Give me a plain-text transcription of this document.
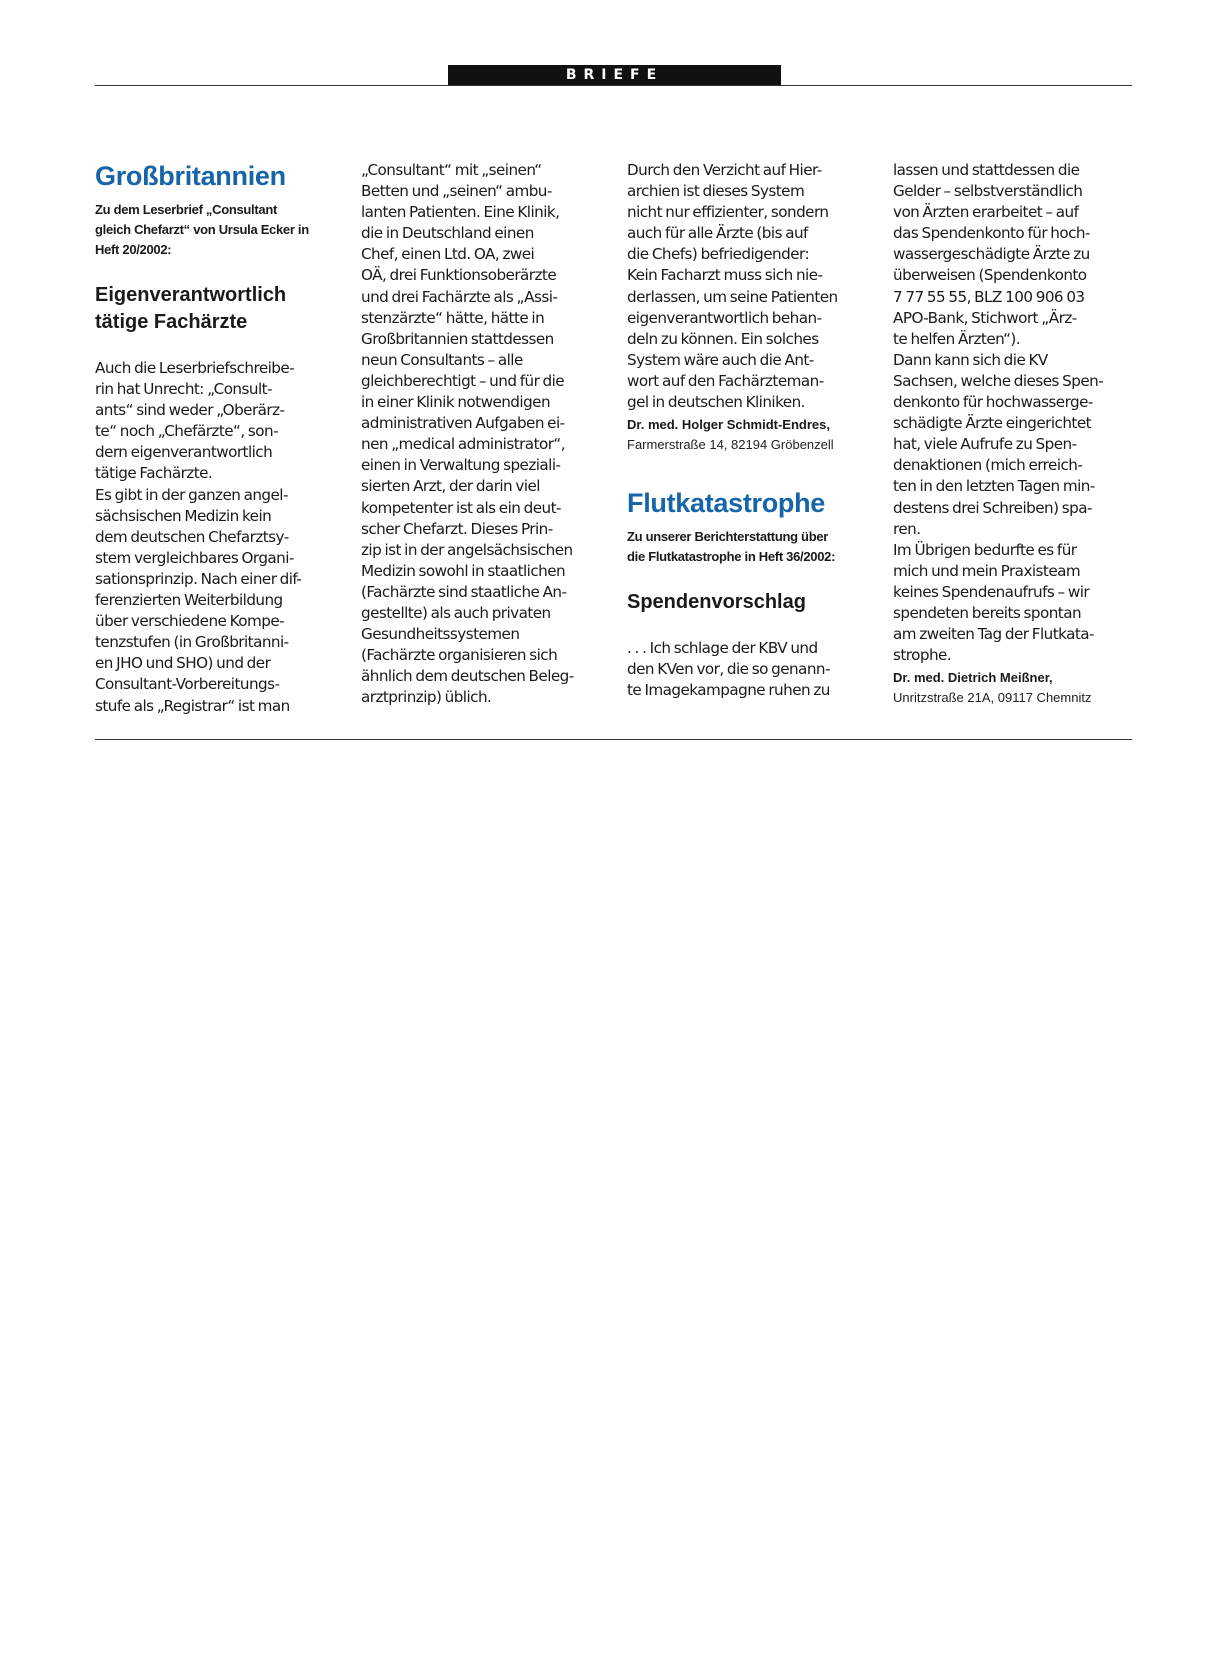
BRIEFE
Großbritannien
Zu dem Leserbrief „Consultant
gleich Chefarzt“ von Ursula Ecker in
Heft 20/2002:
Eigenverantwortlich
tätige Fachärzte

Auch die Leserbriefschreibe-
rin hat Unrecht: „Consult-
ants“ sind weder „Oberärz-
te“ noch „Chefärzte“, son-
dern eigenverantwortlich
tätige Fachärzte.
Es gibt in der ganzen angel-
sächsischen Medizin kein
dem deutschen Chefarztsy-
stem vergleichbares Organi-
sationsprinzip. Nach einer dif-
ferenzierten Weiterbildung
über verschiedene Kompe-
tenzstufen (in Großbritanni-
en JHO und SHO) und der
Consultant-Vorbereitungs-
stufe als „Registrar“ ist man

„Consultant“ mit „seinen“
Betten und „seinen“ ambu-
lanten Patienten. Eine Klinik,
die in Deutschland einen
Chef, einen Ltd. OA, zwei
OÄ, drei Funktionsoberärzte
und drei Fachärzte als „Assi-
stenzärzte“ hätte, hätte in
Großbritannien stattdessen
neun Consultants – alle
gleichberechtigt – und für die
in einer Klinik notwendigen
administrativen Aufgaben ei-
nen „medical administrator“,
einen in Verwaltung speziali-
sierten Arzt, der darin viel
kompetenter ist als ein deut-
scher Chefarzt. Dieses Prin-
zip ist in der angelsächsischen
Medizin sowohl in staatlichen
(Fachärzte sind staatliche An-
gestellte) als auch privaten
Gesundheitssystemen
(Fachärzte organisieren sich
ähnlich dem deutschen Beleg-
arztprinzip) üblich.

Durch den Verzicht auf Hier-
archien ist dieses System
nicht nur effizienter, sondern
auch für alle Ärzte (bis auf
die Chefs) befriedigender:
Kein Facharzt muss sich nie-
derlassen, um seine Patienten
eigenverantwortlich behan-
deln zu können. Ein solches
System wäre auch die Ant-
wort auf den Fachärzteman-
gel in deutschen Kliniken.

Dr. med. Holger Schmidt-Endres,

Farmerstraße 14, 82194 Gröbenzell

Flutkatastrophe
Zu unserer Berichterstattung über
die Flutkatastrophe in Heft 36/2002:
Spendenvorschlag

. . . Ich schlage der KBV und
den KVen vor, die so genann-
te Imagekampagne ruhen zu

lassen und stattdessen die
Gelder – selbstverständlich
von Ärzten erarbeitet – auf
das Spendenkonto für hoch-
wassergeschädigte Ärzte zu
überweisen (Spendenkonto
7 77 55 55, BLZ 100 906 03
APO-Bank, Stichwort „Ärz-
te helfen Ärzten“).
Dann kann sich die KV
Sachsen, welche dieses Spen-
denkonto für hochwasserge-
schädigte Ärzte eingerichtet
hat, viele Aufrufe zu Spen-
denaktionen (mich erreich-
ten in den letzten Tagen min-
destens drei Schreiben) spa-
ren.
Im Übrigen bedurfte es für
mich und mein Praxisteam
keines Spendenaufrufs – wir
spendeten bereits spontan
am zweiten Tag der Flutkata-
strophe.

Dr. med. Dietrich Meißner,

Unritzstraße 21A, 09117 Chemnitz
